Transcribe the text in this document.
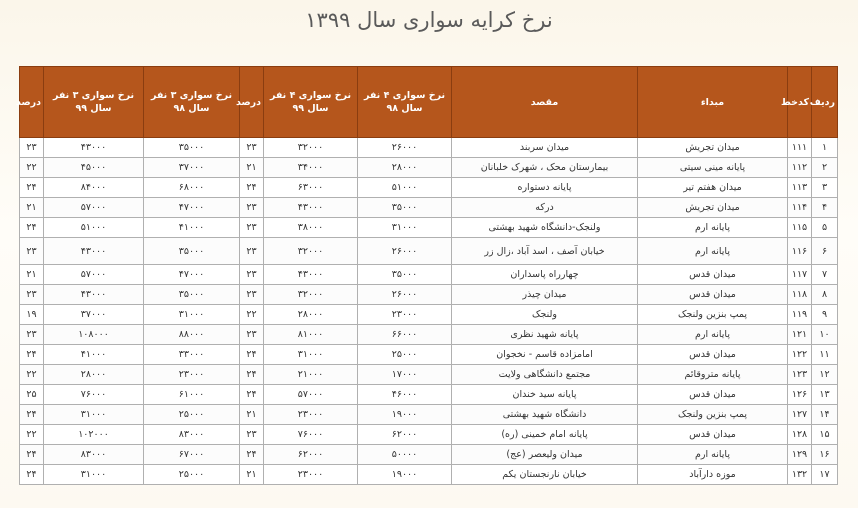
نرخ کرایه سواری سال ۱۳۹۹
ردیف	کدخط	مبداء	مقصد	نرخ سواری ۴ نفر سال ۹۸	نرخ سواری ۴ نفر سال ۹۹	درصد	نرخ سواری ۳ نفر سال ۹۸	نرخ سواری ۳ نفر سال ۹۹	درصد
۱	۱۱۱	میدان تجریش	میدان سربند	۲۶۰۰۰	۳۲۰۰۰	۲۳	۳۵۰۰۰	۴۳۰۰۰	۲۳
۲	۱۱۲	پایانه مینی سیتی	بیمارستان محک ، شهرک خلبانان	۲۸۰۰۰	۳۴۰۰۰	۲۱	۳۷۰۰۰	۴۵۰۰۰	۲۲
۳	۱۱۳	میدان هفتم تیر	پایانه دستواره	۵۱۰۰۰	۶۳۰۰۰	۲۴	۶۸۰۰۰	۸۴۰۰۰	۲۴
۴	۱۱۴	میدان تجریش	درکه	۳۵۰۰۰	۴۳۰۰۰	۲۳	۴۷۰۰۰	۵۷۰۰۰	۲۱
۵	۱۱۵	پایانه ارم	ولنجک-دانشگاه شهید بهشتی	۳۱۰۰۰	۳۸۰۰۰	۲۳	۴۱۰۰۰	۵۱۰۰۰	۲۴
۶	۱۱۶	پایانه ارم	خیابان آصف ، اسد آباد ،زال زر	۲۶۰۰۰	۳۲۰۰۰	۲۳	۳۵۰۰۰	۴۳۰۰۰	۲۳
۷	۱۱۷	میدان قدس	چهارراه پاسداران	۳۵۰۰۰	۴۳۰۰۰	۲۳	۴۷۰۰۰	۵۷۰۰۰	۲۱
۸	۱۱۸	میدان قدس	میدان چیذر	۲۶۰۰۰	۳۲۰۰۰	۲۳	۳۵۰۰۰	۴۳۰۰۰	۲۳
۹	۱۱۹	پمپ بنزین ولنجک	ولنجک	۲۳۰۰۰	۲۸۰۰۰	۲۲	۳۱۰۰۰	۳۷۰۰۰	۱۹
۱۰	۱۲۱	پایانه ارم	پایانه شهید نظری	۶۶۰۰۰	۸۱۰۰۰	۲۳	۸۸۰۰۰	۱۰۸۰۰۰	۲۳
۱۱	۱۲۲	میدان قدس	امامزاده قاسم - نخجوان	۲۵۰۰۰	۳۱۰۰۰	۲۴	۳۳۰۰۰	۴۱۰۰۰	۲۴
۱۲	۱۲۳	پایانه متروقائم	مجتمع دانشگاهی ولایت	۱۷۰۰۰	۲۱۰۰۰	۲۴	۲۳۰۰۰	۲۸۰۰۰	۲۲
۱۳	۱۲۶	میدان قدس	پایانه سید خندان	۴۶۰۰۰	۵۷۰۰۰	۲۴	۶۱۰۰۰	۷۶۰۰۰	۲۵
۱۴	۱۲۷	پمپ بنزین ولنجک	دانشگاه شهید بهشتی	۱۹۰۰۰	۲۳۰۰۰	۲۱	۲۵۰۰۰	۳۱۰۰۰	۲۴
۱۵	۱۲۸	میدان قدس	پایانه امام خمینی (ره)	۶۲۰۰۰	۷۶۰۰۰	۲۳	۸۳۰۰۰	۱۰۲۰۰۰	۲۲
۱۶	۱۲۹	پایانه ارم	میدان ولیعصر (عج)	۵۰۰۰۰	۶۲۰۰۰	۲۴	۶۷۰۰۰	۸۳۰۰۰	۲۴
۱۷	۱۳۲	موزه دارآباد	خیابان نارنجستان یکم	۱۹۰۰۰	۲۳۰۰۰	۲۱	۲۵۰۰۰	۳۱۰۰۰	۲۴
